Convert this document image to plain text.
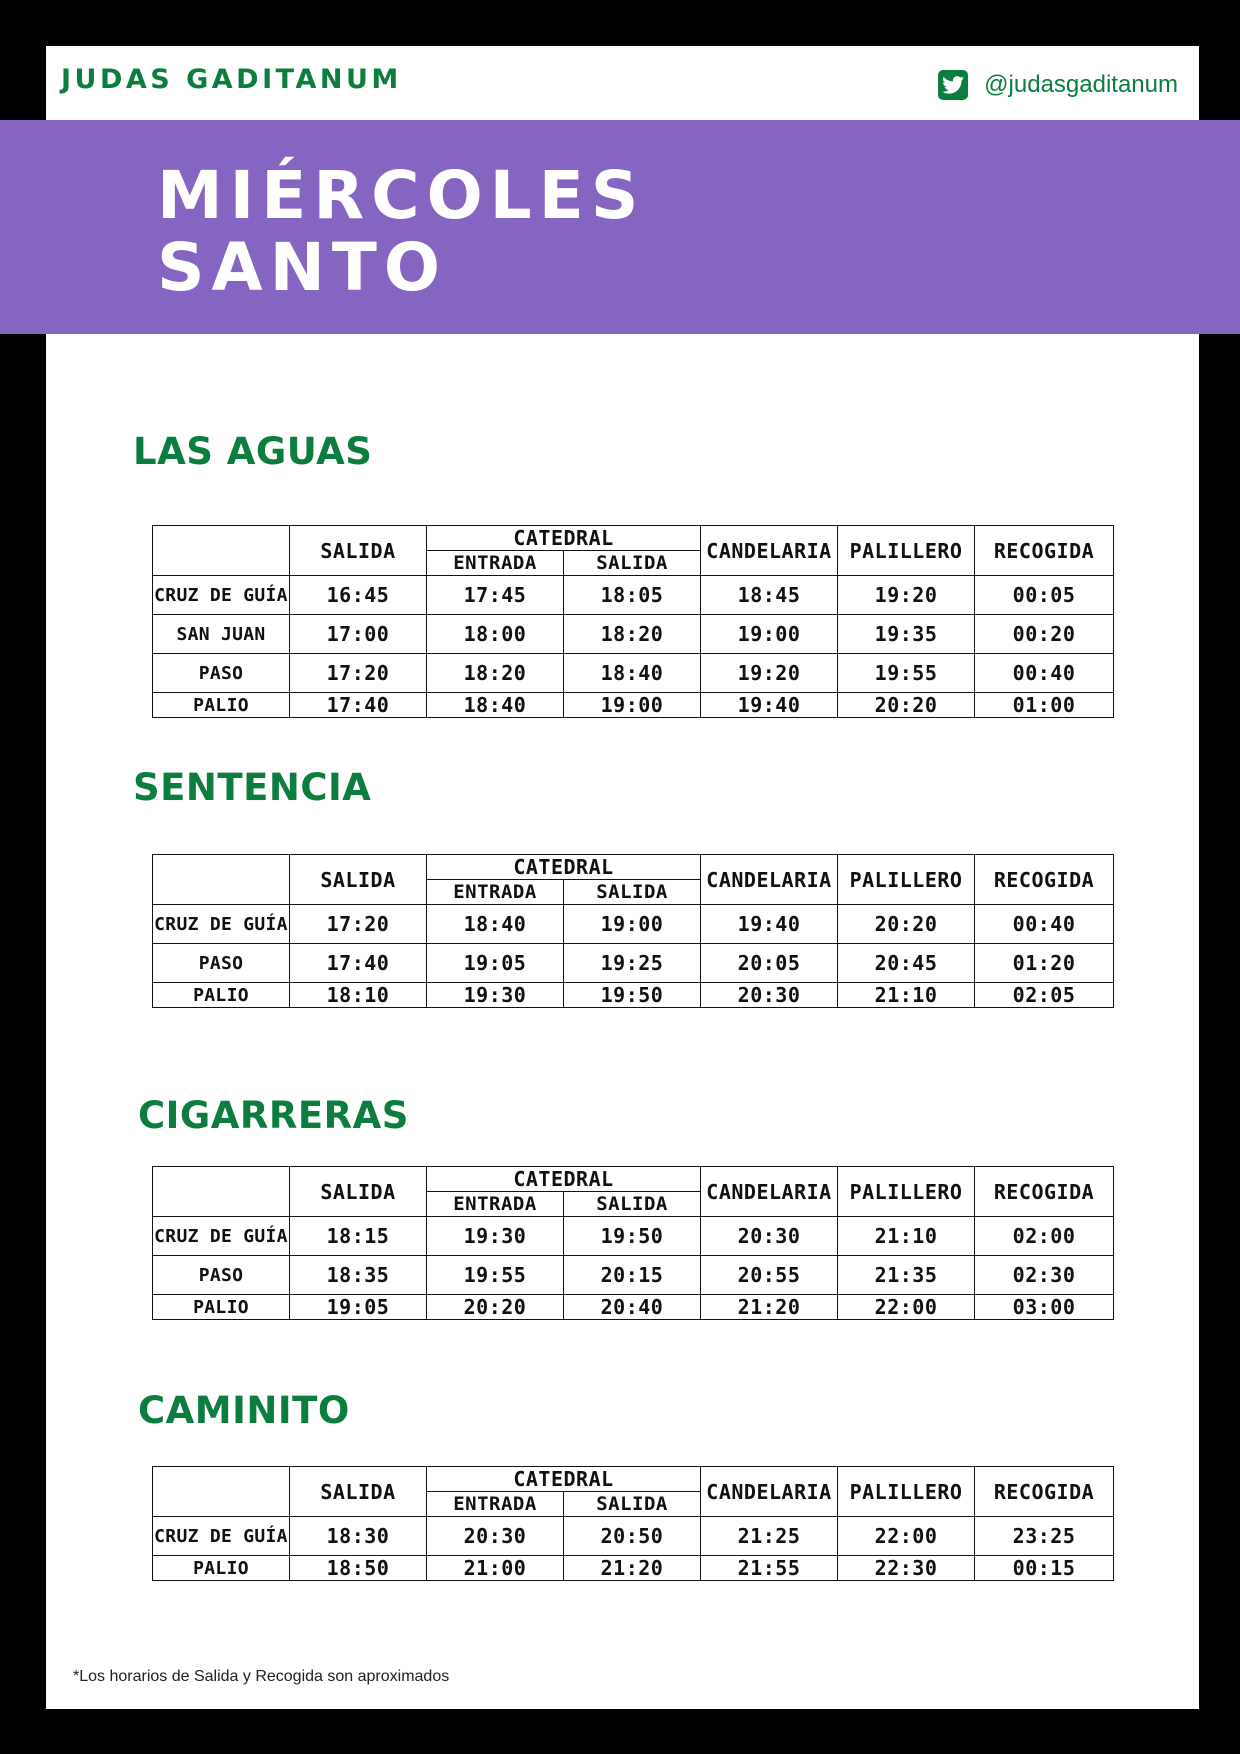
JUDAS GADITANUM	@judasgaditanum
MIÉRCOLES
SANTO
LAS AGUAS
	SALIDA	CATEDRAL		CANDELARIA	PALILLERO	RECOGIDA
		ENTRADA	SALIDA			
CRUZ DE GUÍA	16:45	17:45	18:05	18:45	19:20	00:05
SAN JUAN	17:00	18:00	18:20	19:00	19:35	00:20
PASO	17:20	18:20	18:40	19:20	19:55	00:40
PALIO	17:40	18:40	19:00	19:40	20:20	01:00
SENTENCIA
	SALIDA	CATEDRAL		CANDELARIA	PALILLERO	RECOGIDA
		ENTRADA	SALIDA			
CRUZ DE GUÍA	17:20	18:40	19:00	19:40	20:20	00:40
PASO	17:40	19:05	19:25	20:05	20:45	01:20
PALIO	18:10	19:30	19:50	20:30	21:10	02:05
CIGARRERAS
	SALIDA	CATEDRAL		CANDELARIA	PALILLERO	RECOGIDA
		ENTRADA	SALIDA			
CRUZ DE GUÍA	18:15	19:30	19:50	20:30	21:10	02:00
PASO	18:35	19:55	20:15	20:55	21:35	02:30
PALIO	19:05	20:20	20:40	21:20	22:00	03:00
CAMINITO
	SALIDA	CATEDRAL		CANDELARIA	PALILLERO	RECOGIDA
		ENTRADA	SALIDA			
CRUZ DE GUÍA	18:30	20:30	20:50	21:25	22:00	23:25
PALIO	18:50	21:00	21:20	21:55	22:30	00:15
*Los horarios de Salida y Recogida son aproximados
